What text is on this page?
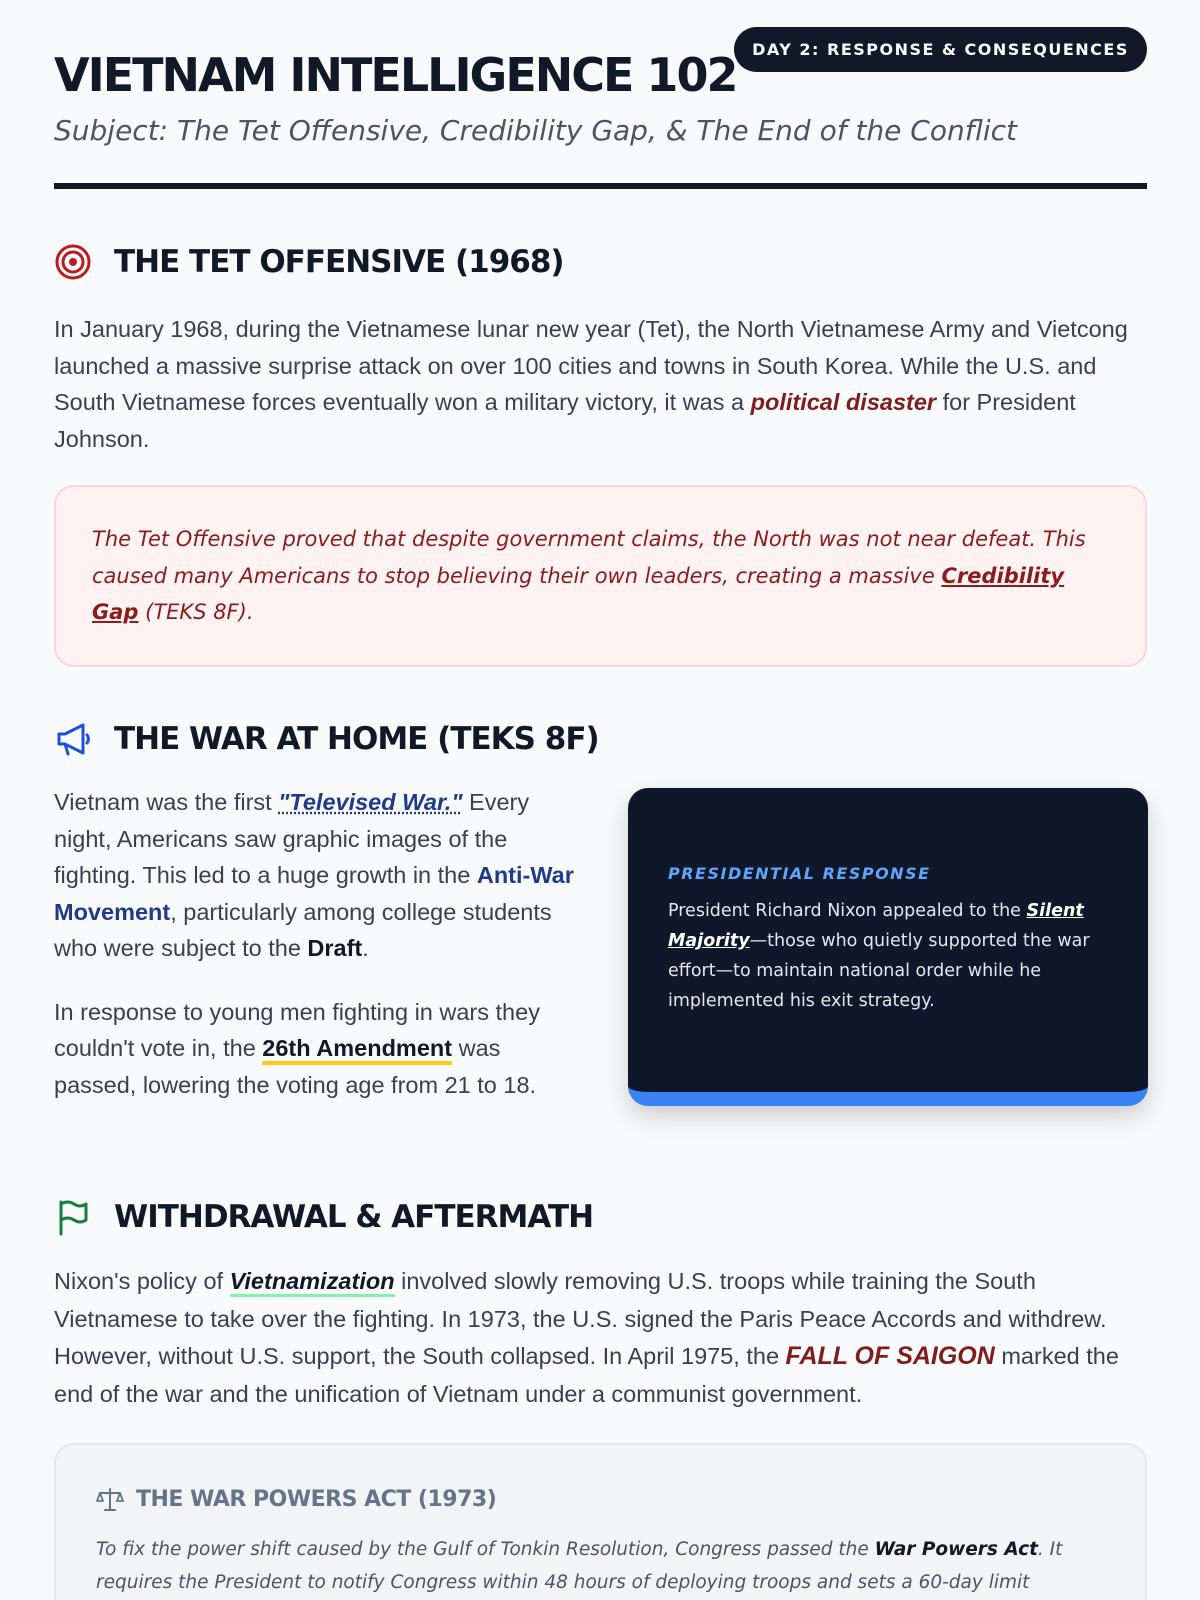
DAY 2: RESPONSE & CONSEQUENCES
VIETNAM INTELLIGENCE 102
Subject: The Tet Offensive, Credibility Gap, & The End of the Conflict
THE TET OFFENSIVE (1968)
In January 1968, during the Vietnamese lunar new year (Tet), the North Vietnamese Army and Vietcong launched a massive surprise attack on over 100 cities and towns in South Korea. While the U.S. and South Vietnamese forces eventually won a military victory, it was a political disaster for President Johnson.
The Tet Offensive proved that despite government claims, the North was not near defeat. This caused many Americans to stop believing their own leaders, creating a massive Credibility Gap (TEKS 8F).
THE WAR AT HOME (TEKS 8F)

Vietnam was the first "Televised War." Every night, Americans saw graphic images of the fighting. This led to a huge growth in the Anti-War Movement, particularly among college students who were subject to the Draft.

In response to young men fighting in wars they couldn't vote in, the 26th Amendment was passed, lowering the voting age from 21 to 18.

PRESIDENTIAL RESPONSE
President Richard Nixon appealed to the Silent Majority—those who quietly supported the war effort—to maintain national order while he implemented his exit strategy.
WITHDRAWAL & AFTERMATH
Nixon's policy of Vietnamization involved slowly removing U.S. troops while training the South Vietnamese to take over the fighting. In 1973, the U.S. signed the Paris Peace Accords and withdrew. However, without U.S. support, the South collapsed. In April 1975, the FALL OF SAIGON marked the end of the war and the unification of Vietnam under a communist government.
THE WAR POWERS ACT (1973)
To fix the power shift caused by the Gulf of Tonkin Resolution, Congress passed the War Powers Act. It requires the President to notify Congress within 48 hours of deploying troops and sets a 60-day limit
